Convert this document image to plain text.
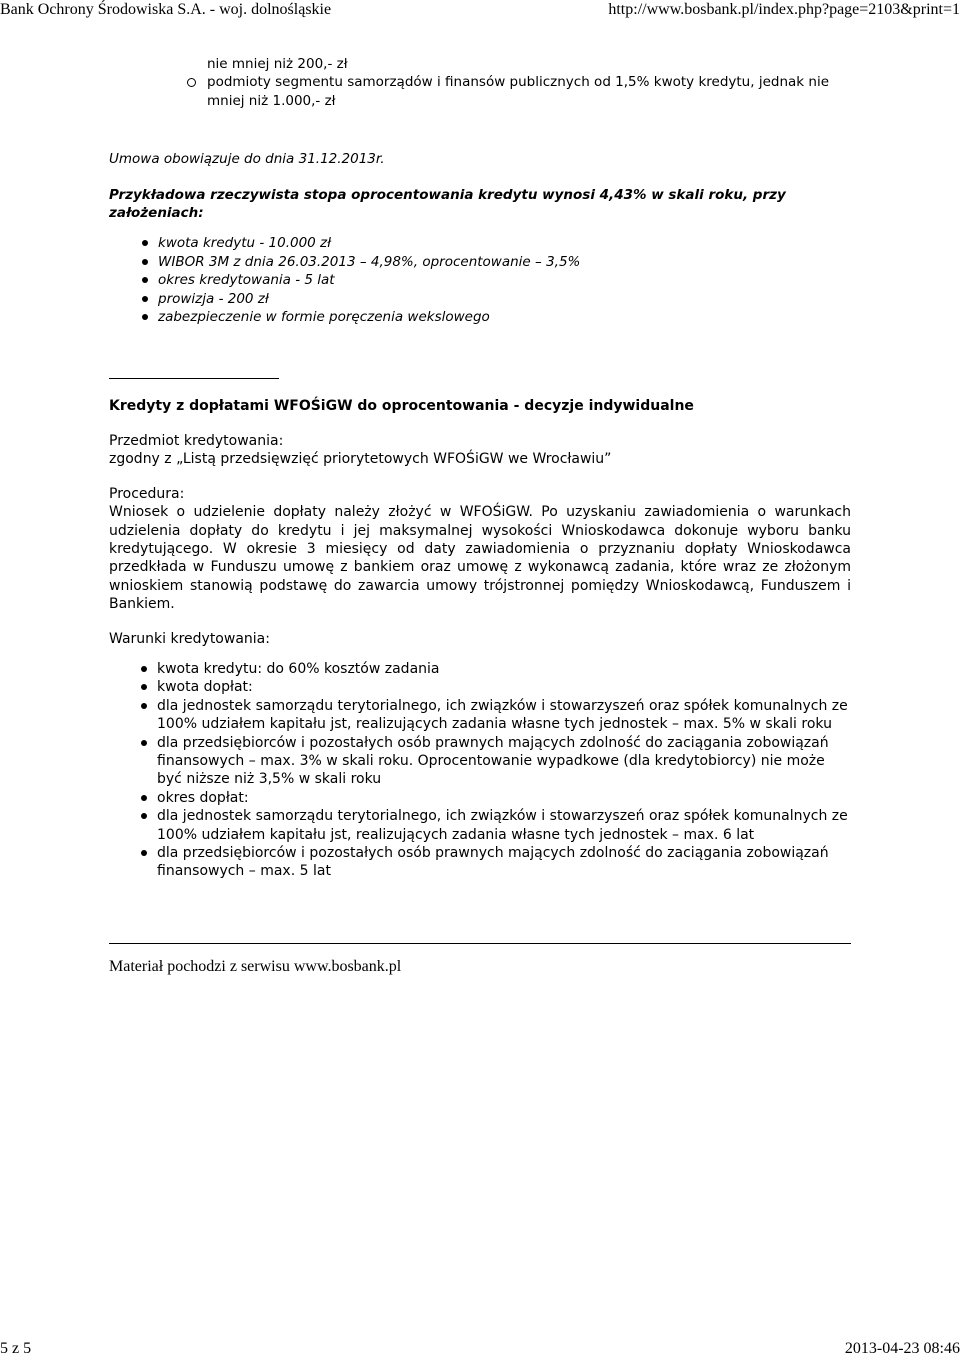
Bank Ochrony Środowiska S.A. - woj. dolnośląskie	http://www.bosbank.pl/index.php?page=2103&print=1
nie mniej niż 200,- zł
podmioty segmentu samorządów i finansów publicznych od 1,5% kwoty kredytu, jednak nie mniej niż 1.000,- zł

Umowa obowiązuje do dnia 31.12.2013r.

Przykładowa rzeczywista stopa oprocentowania kredytu wynosi 4,43% w skali roku, przy założeniach:

kwota kredytu - 10.000 zł
WIBOR 3M z dnia 26.03.2013 – 4,98%, oprocentowanie – 3,5%
okres kredytowania - 5 lat
prowizja - 200 zł
zabezpieczenie w formie poręczenia wekslowego

Kredyty z dopłatami WFOŚiGW do oprocentowania - decyzje indywidualne

Przedmiot kredytowania:

zgodny z „Listą przedsięwzięć priorytetowych WFOŚiGW we Wrocławiu”

Procedura:

Wniosek o udzielenie dopłaty należy złożyć w WFOŚiGW. Po uzyskaniu zawiadomienia o warunkach udzielenia dopłaty do kredytu i jej maksymalnej wysokości Wnioskodawca dokonuje wyboru banku kredytującego. W okresie 3 miesięcy od daty zawiadomienia o przyznaniu dopłaty Wnioskodawca przedkłada w Funduszu umowę z bankiem oraz umowę z wykonawcą zadania, które wraz ze złożonym wnioskiem stanowią podstawę do zawarcia umowy trójstronnej pomiędzy Wnioskodawcą, Funduszem i Bankiem.

Warunki kredytowania:

kwota kredytu: do 60% kosztów zadania
kwota dopłat:
dla jednostek samorządu terytorialnego, ich związków i stowarzyszeń oraz spółek komunalnych ze 100% udziałem kapitału jst, realizujących zadania własne tych jednostek – max. 5% w skali roku
dla przedsiębiorców i pozostałych osób prawnych mających zdolność do zaciągania zobowiązań finansowych – max. 3% w skali roku. Oprocentowanie wypadkowe (dla kredytobiorcy) nie może być niższe niż 3,5% w skali roku
okres dopłat:
dla jednostek samorządu terytorialnego, ich związków i stowarzyszeń oraz spółek komunalnych ze 100% udziałem kapitału jst, realizujących zadania własne tych jednostek – max. 6 lat
dla przedsiębiorców i pozostałych osób prawnych mających zdolność do zaciągania zobowiązań finansowych – max. 5 lat

Materiał pochodzi z serwisu www.bosbank.pl

5 z 5	2013-04-23 08:46
